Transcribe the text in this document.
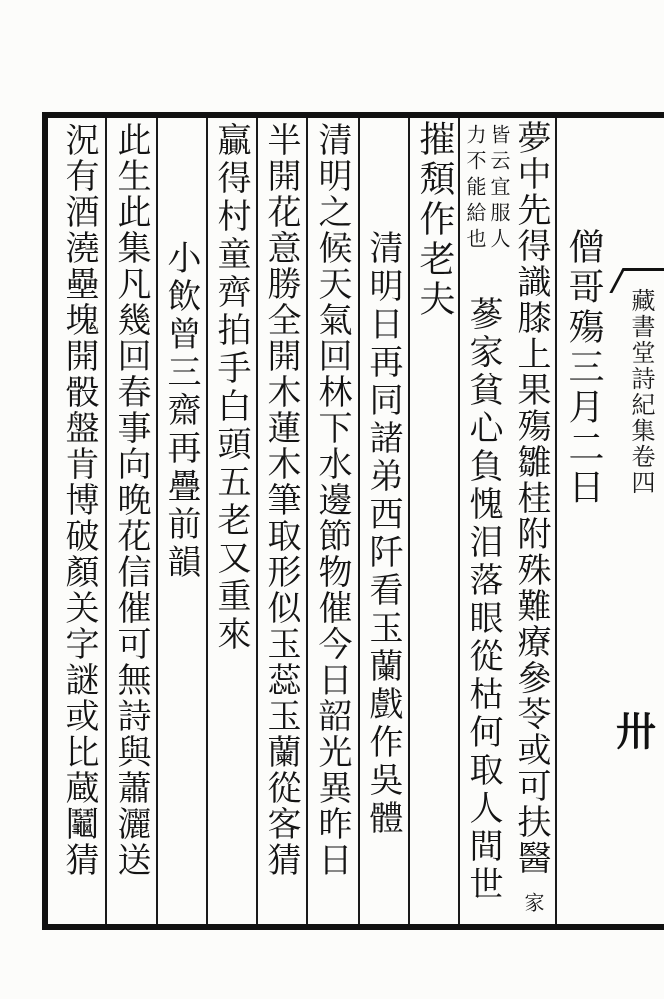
藏書堂詩紀集卷四
卅
僧哥殤三月二日
夢中先得識膝上果殤雛桂附殊難療參苓或可扶醫
家
皆云宜服人
力不能給也
蔘家貧心負愧泪落眼從枯何取人間世
摧頽作老夫
清明日再同諸弟西阡看玉蘭戲作吳體
清明之候天氣回林下水邊節物催今日韶光異昨日
半開花意勝全開木蓮木筆取形似玉蕊玉蘭從客猜
贏得村童齊拍手白頭五老又重來
小飲曾三齋再疊前韻
此生此集凡幾回春事向晚花信催可無詩與蕭灑送
況有酒澆壘塊開骰盤肯博破顏关字謎或比蔵鬮猜
